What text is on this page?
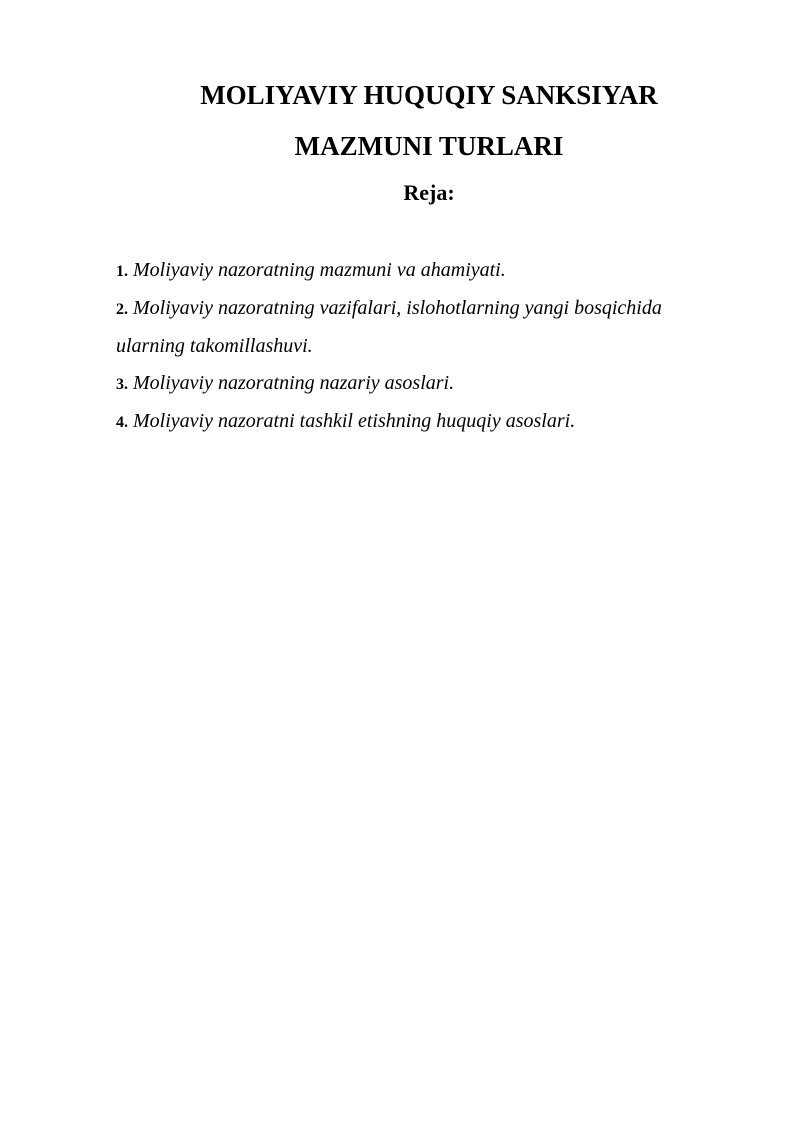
MOLIYAVIY HUQUQIY SANKSIYAR
MAZMUNI TURLARI
Reja:
1. Moliyaviy nazoratning mazmuni va ahamiyati.
2. Moliyaviy nazoratning vazifalari, islohotlarning yangi bosqichida ularning takomillashuvi.
3. Moliyaviy nazoratning nazariy asoslari.
4. Moliyaviy nazoratni tashkil etishning huquqiy asoslari.
